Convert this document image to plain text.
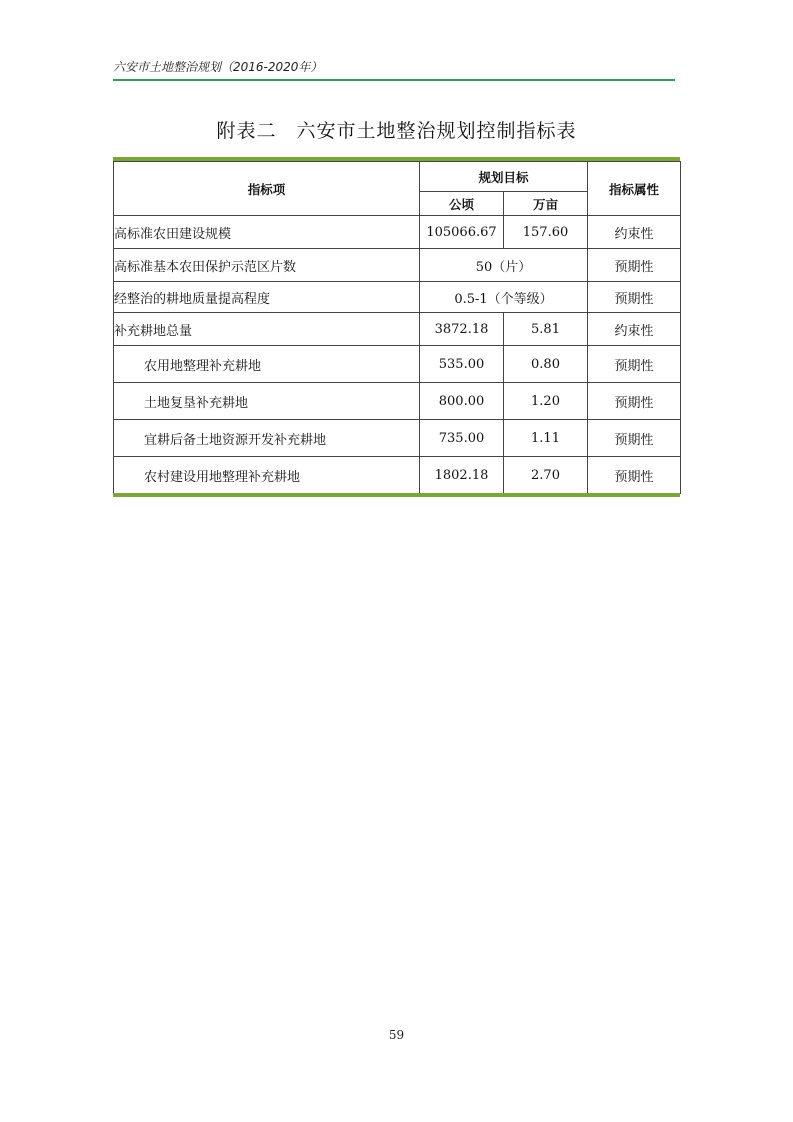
六安市土地整治规划（2016-2020年）
附表二 六安市土地整治规划控制指标表
指标项	规划目标		指标属性
	公顷	万亩	
高标准农田建设规模	105066.67	157.60	约束性
高标准基本农田保护示范区片数	50（片）		预期性
经整治的耕地质量提高程度	0.5-1（个等级）		预期性
补充耕地总量	3872.18	5.81	约束性
农用地整理补充耕地	535.00	0.80	预期性
土地复垦补充耕地	800.00	1.20	预期性
宜耕后备土地资源开发补充耕地	735.00	1.11	预期性
农村建设用地整理补充耕地	1802.18	2.70	预期性
59
